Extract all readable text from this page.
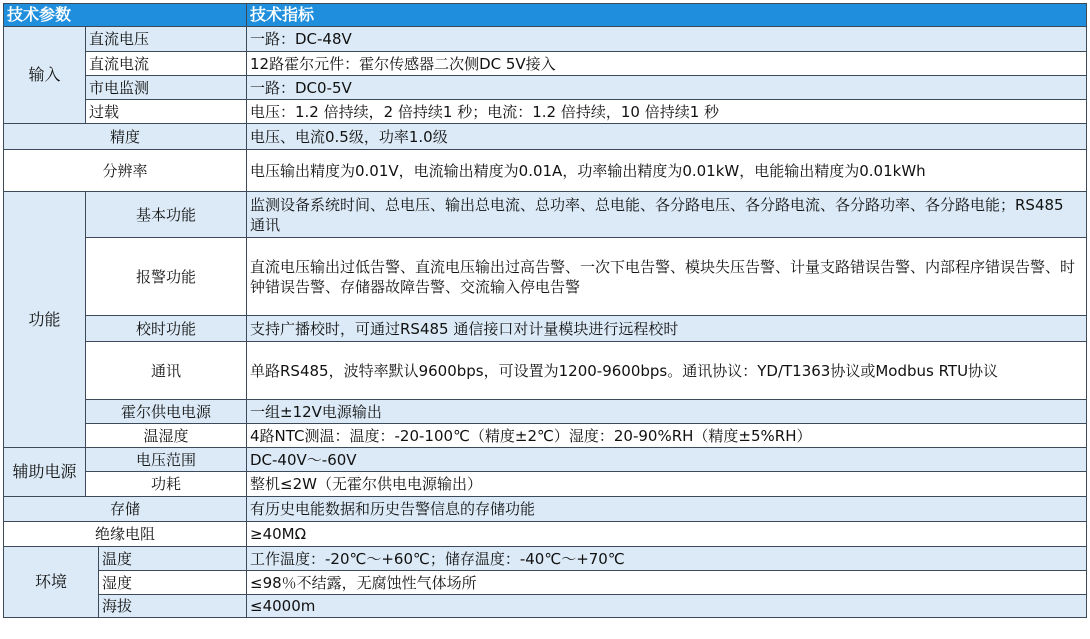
技术参数			技术指标
输入	直流电压		一路：DC-48V
	直流电流		12路霍尔元件：霍尔传感器二次侧DC 5V接入
	市电监测		一路：DC0-5V
	过载		电压：1.2 倍持续，2 倍持续1 秒；电流：1.2 倍持续，10 倍持续1 秒
精度			电压、电流0.5级，功率1.0级
分辨率			电压输出精度为0.01V，电流输出精度为0.01A，功率输出精度为0.01kW，电能输出精度为0.01kWh
功能	基本功能		监测设备系统时间、总电压、输出总电流、总功率、总电能、各分路电压、各分路电流、各分路功率、各分路电能；RS485 通讯
	报警功能		直流电压输出过低告警、直流电压输出过高告警、一次下电告警、模块失压告警、计量支路错误告警、内部程序错误告警、时钟错误告警、存储器故障告警、交流输入停电告警
	校时功能		支持广播校时，可通过RS485 通信接口对计量模块进行远程校时
	通讯		单路RS485，波特率默认9600bps，可设置为1200-9600bps。通讯协议：YD/T1363协议或Modbus RTU协议
	霍尔供电电源		一组±12V电源输出
	温湿度		4路NTC测温：温度：-20-100℃（精度±2℃）湿度：20-90%RH（精度±5%RH）
辅助电源	电压范围		DC-40V～-60V
	功耗		整机≤2W（无霍尔供电电源输出）
存储			有历史电能数据和历史告警信息的存储功能
绝缘电阻			≥40MΩ
环境		温度	工作温度：-20℃～+60℃；储存温度：-40℃～+70℃
		湿度	≤98％不结露，无腐蚀性气体场所
		海拔	≤4000m
